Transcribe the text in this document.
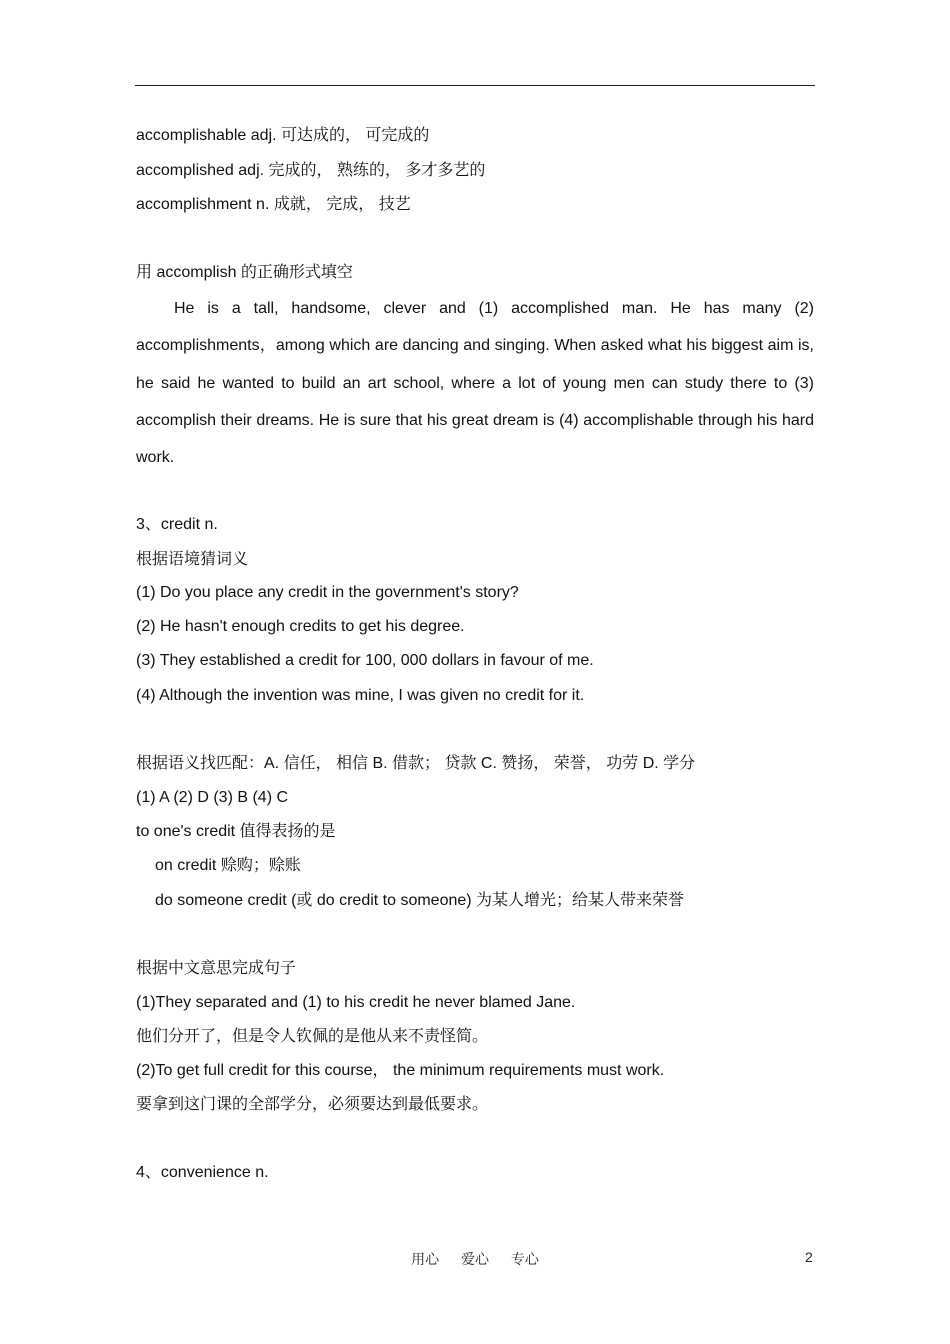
accomplishable adj. 可达成的， 可完成的
accomplished adj. 完成的， 熟练的， 多才多艺的
accomplishment n. 成就， 完成， 技艺
用 accomplish 的正确形式填空
He is a tall, handsome, clever and (1) accomplished man. He has many (2) accomplishments，among which are dancing and singing. When asked what his biggest aim is, he said he wanted to build an art school, where a lot of young men can study there to (3) accomplish their dreams. He is sure that his great dream is (4) accomplishable through his hard work.
3、credit n.
根据语境猜词义
(1) Do you place any credit in the government's story?
(2) He hasn't enough credits to get his degree.
(3) They established a credit for 100, 000 dollars in favour of me.
(4) Although the invention was mine, I was given no credit for it.
根据语义找匹配：A. 信任， 相信 B. 借款； 贷款 C. 赞扬， 荣誉， 功劳 D. 学分
(1) A (2) D (3) B (4) C
to one's credit 值得表扬的是
on credit 赊购；赊账
do someone credit (或 do credit to someone) 为某人增光；给某人带来荣誉
根据中文意思完成句子
(1)They separated and (1) to his credit he never blamed Jane.
他们分开了，但是令人钦佩的是他从来不责怪简。
(2)To get full credit for this course， the minimum requirements must work.
要拿到这门课的全部学分，必须要达到最低要求。
4、convenience n.
用心 爱心 专心	2
